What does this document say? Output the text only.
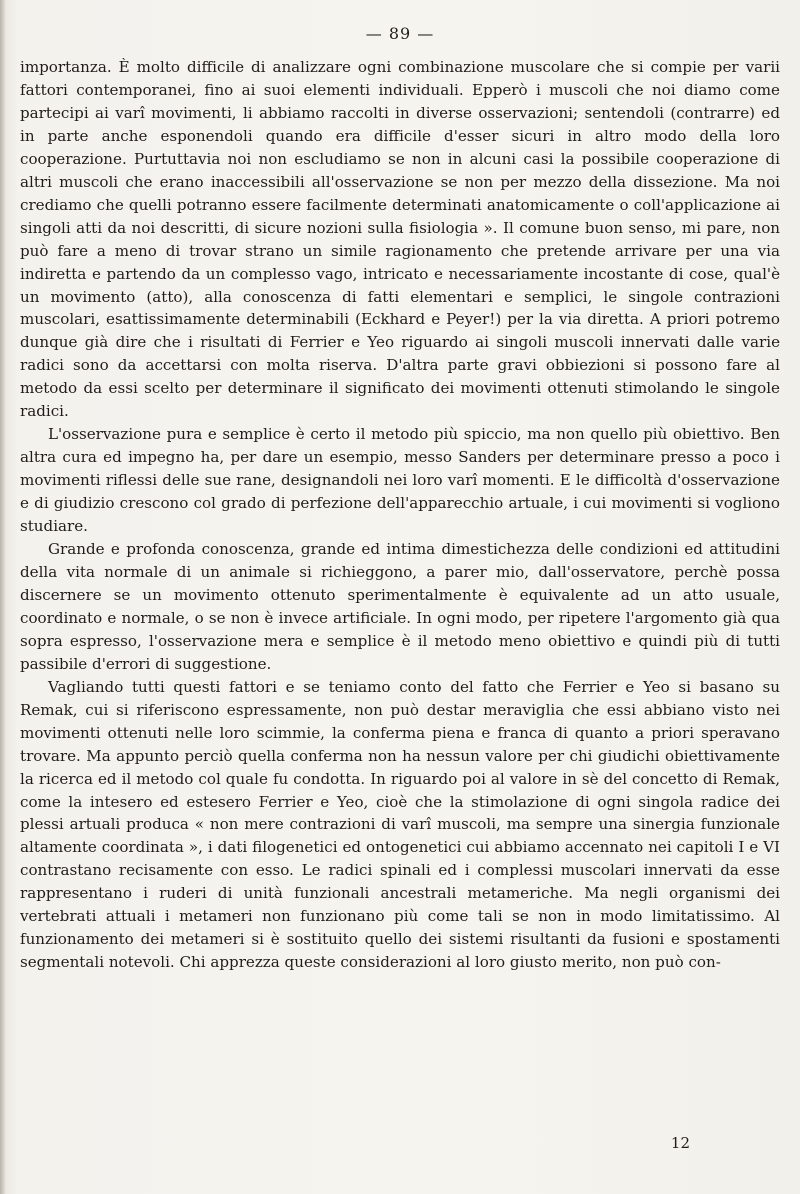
— 89 —

importanza. È molto difficile di analizzare ogni combinazione muscolare che si compie per varii fattori contemporanei, fino ai suoi elementi individuali. Epperò i muscoli che noi diamo come partecipi ai varî movimenti, li abbiamo raccolti in diverse osservazioni; sentendoli (contrarre) ed in parte anche esponendoli quando era difficile d'esser sicuri in altro modo della loro cooperazione. Purtuttavia noi non escludiamo se non in alcuni casi la possibile cooperazione di altri muscoli che erano inaccessibili all'osservazione se non per mezzo della dissezione. Ma noi crediamo che quelli potranno essere facilmente determinati anatomicamente o coll'applicazione ai singoli atti da noi descritti, di sicure nozioni sulla fisiologia ». Il comune buon senso, mi pare, non può fare a meno di trovar strano un simile ragionamento che pretende arrivare per una via indiretta e partendo da un complesso vago, intricato e necessariamente incostante di cose, qual'è un movimento (atto), alla conoscenza di fatti elementari e semplici, le singole contrazioni muscolari, esattissimamente determinabili (Eckhard e Peyer!) per la via diretta. A priori potremo dunque già dire che i risultati di Ferrier e Yeo riguardo ai singoli muscoli innervati dalle varie radici sono da accettarsi con molta riserva. D'altra parte gravi obbiezioni si possono fare al metodo da essi scelto per determinare il significato dei movimenti ottenuti stimolando le singole radici.

L'osservazione pura e semplice è certo il metodo più spiccio, ma non quello più obiettivo. Ben altra cura ed impegno ha, per dare un esempio, messo Sanders per determinare presso a poco i movimenti riflessi delle sue rane, designandoli nei loro varî momenti. E le difficoltà d'osservazione e di giudizio crescono col grado di perfezione dell'apparecchio artuale, i cui movimenti si vogliono studiare.

Grande e profonda conoscenza, grande ed intima dimestichezza delle condizioni ed attitudini della vita normale di un animale si richieggono, a parer mio, dall'osservatore, perchè possa discernere se un movimento ottenuto sperimentalmente è equivalente ad un atto usuale, coordinato e normale, o se non è invece artificiale. In ogni modo, per ripetere l'argomento già qua sopra espresso, l'osservazione mera e semplice è il metodo meno obiettivo e quindi più di tutti passibile d'errori di suggestione.

Vagliando tutti questi fattori e se teniamo conto del fatto che Ferrier e Yeo si basano su Remak, cui si riferiscono espressamente, non può destar meraviglia che essi abbiano visto nei movimenti ottenuti nelle loro scimmie, la conferma piena e franca di quanto a priori speravano trovare. Ma appunto perciò quella conferma non ha nessun valore per chi giudichi obiettivamente la ricerca ed il metodo col quale fu condotta. In riguardo poi al valore in sè del concetto di Remak, come la intesero ed estesero Ferrier e Yeo, cioè che la stimolazione di ogni singola radice dei plessi artuali produca « non mere contrazioni di varî muscoli, ma sempre una sinergia funzionale altamente coordinata », i dati filogenetici ed ontogenetici cui abbiamo accennato nei capitoli I e VI contrastano recisamente con esso. Le radici spinali ed i complessi muscolari innervati da esse rappresentano i ruderi di unità funzionali ancestrali metameriche. Ma negli organismi dei vertebrati attuali i metameri non funzionano più come tali se non in modo limitatissimo. Al funzionamento dei metameri si è sostituito quello dei sistemi risultanti da fusioni e spostamenti segmentali notevoli. Chi apprezza queste considerazioni al loro giusto merito, non può con-

12
